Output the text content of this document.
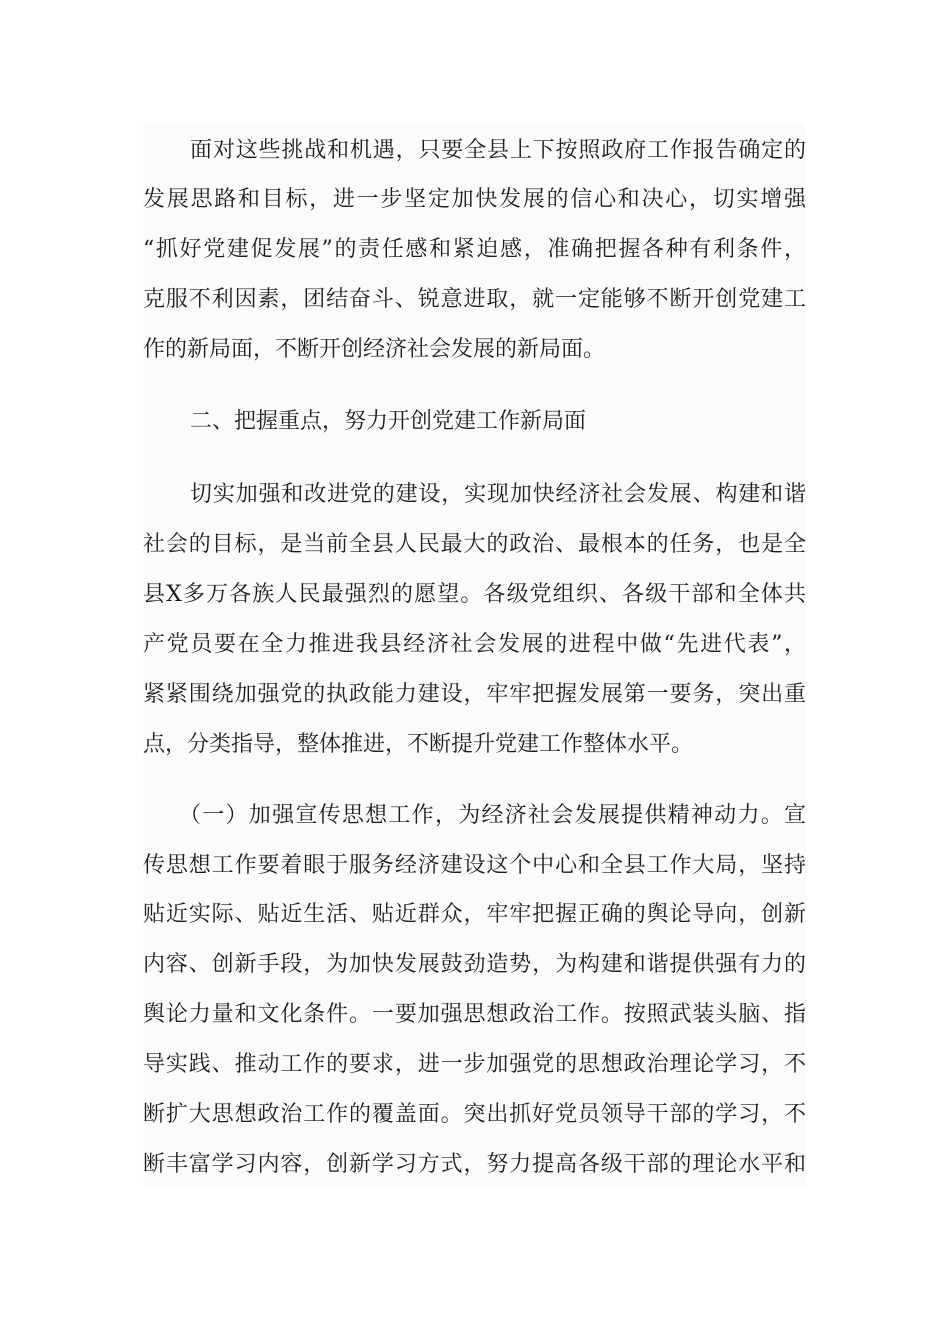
面对这些挑战和机遇，只要全县上下按照政府工作报告确定的
发展思路和目标，进一步坚定加快发展的信心和决心，切实增强
“抓好党建促发展”的责任感和紧迫感，准确把握各种有利条件，
克服不利因素，团结奋斗、锐意进取，就一定能够不断开创党建工
作的新局面，不断开创经济社会发展的新局面。
二、把握重点，努力开创党建工作新局面
切实加强和改进党的建设，实现加快经济社会发展、构建和谐
社会的目标，是当前全县人民最大的政治、最根本的任务，也是全
县X多万各族人民最强烈的愿望。各级党组织、各级干部和全体共
产党员要在全力推进我县经济社会发展的进程中做“先进代表”，
紧紧围绕加强党的执政能力建设，牢牢把握发展第一要务，突出重
点，分类指导，整体推进，不断提升党建工作整体水平。
（一）加强宣传思想工作，为经济社会发展提供精神动力。宣
传思想工作要着眼于服务经济建设这个中心和全县工作大局，坚持
贴近实际、贴近生活、贴近群众，牢牢把握正确的舆论导向，创新
内容、创新手段，为加快发展鼓劲造势，为构建和谐提供强有力的
舆论力量和文化条件。一要加强思想政治工作。按照武装头脑、指
导实践、推动工作的要求，进一步加强党的思想政治理论学习，不
断扩大思想政治工作的覆盖面。突出抓好党员领导干部的学习，不
断丰富学习内容，创新学习方式，努力提高各级干部的理论水平和
